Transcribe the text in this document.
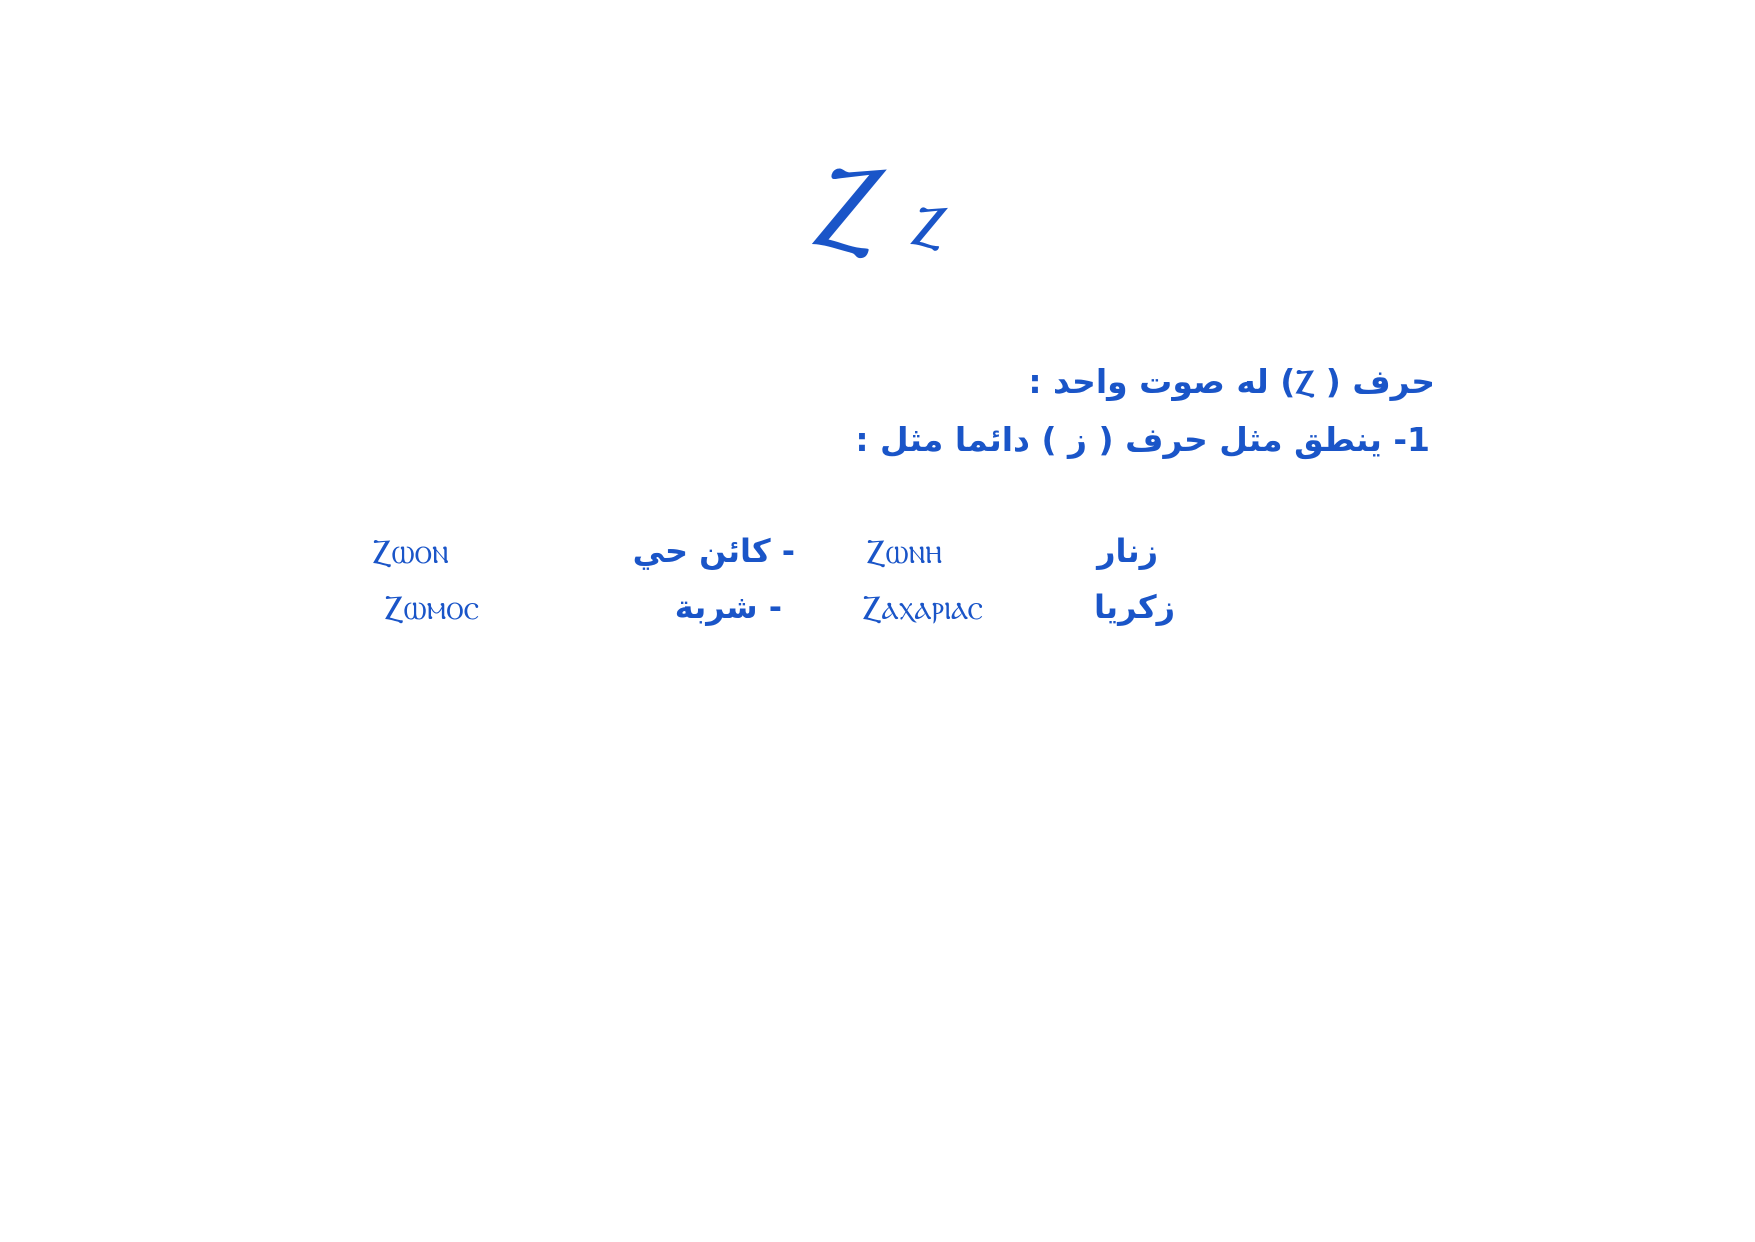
Ⲍ ⲍ
حرف ( Ⲍ) له صوت واحد :
1- ينطق مثل حرف ( ز ) دائما مثل :
زنار
Ⲍⲱⲛⲏ
- كائن حي
Ⲍⲱⲟⲛ
زكريا
Ⲍⲁⲭⲁⲣⲓⲁⲥ
- شربة
Ⲍⲱⲙⲟⲥ
